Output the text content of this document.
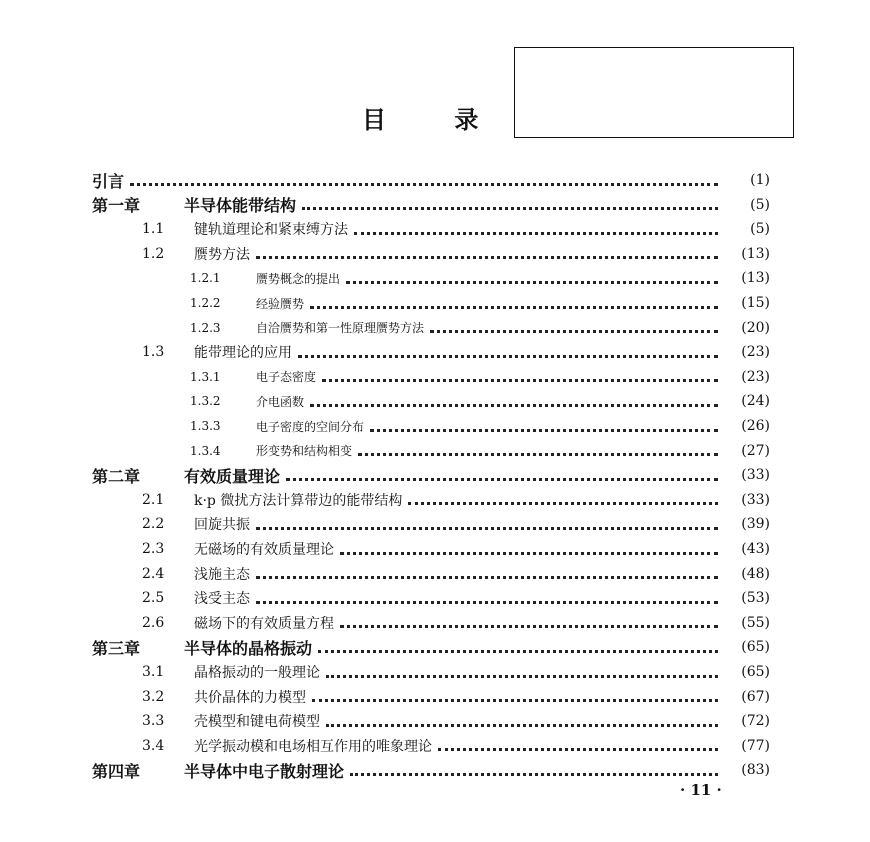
目	录
引言	(1)
第一章	半导体能带结构	(5)
1.1	键轨道理论和紧束缚方法	(5)
1.2	赝势方法	(13)
1.2.1	赝势概念的提出	(13)
1.2.2	经验赝势	(15)
1.2.3	自洽赝势和第一性原理赝势方法	(20)
1.3	能带理论的应用	(23)
1.3.1	电子态密度	(23)
1.3.2	介电函数	(24)
1.3.3	电子密度的空间分布	(26)
1.3.4	形变势和结构相变	(27)
第二章	有效质量理论	(33)
2.1	k·p 微扰方法计算带边的能带结构	(33)
2.2	回旋共振	(39)
2.3	无磁场的有效质量理论	(43)
2.4	浅施主态	(48)
2.5	浅受主态	(53)
2.6	磁场下的有效质量方程	(55)
第三章	半导体的晶格振动	(65)
3.1	晶格振动的一般理论	(65)
3.2	共价晶体的力模型	(67)
3.3	壳模型和键电荷模型	(72)
3.4	光学振动模和电场相互作用的唯象理论	(77)
第四章	半导体中电子散射理论	(83)
· 11 ·
